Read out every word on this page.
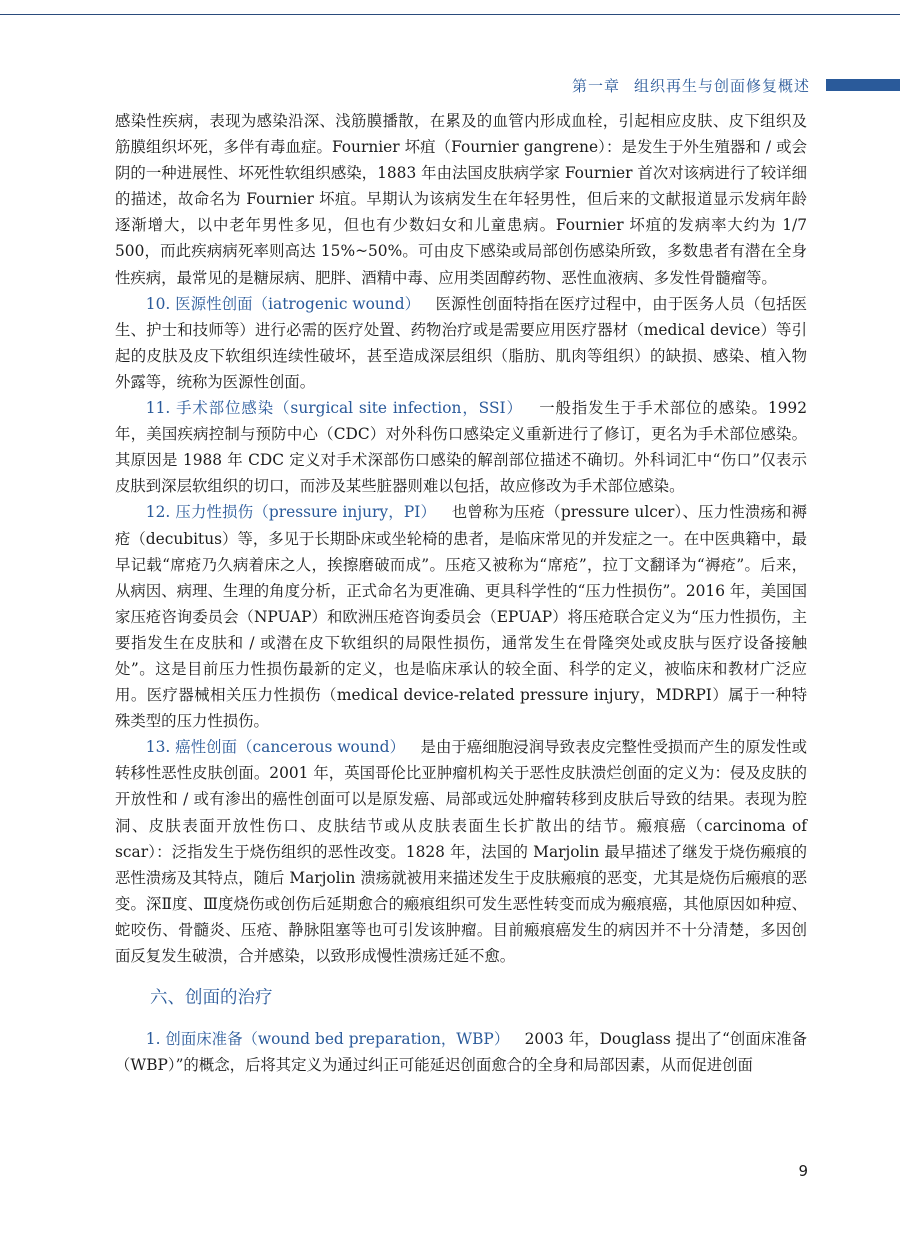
第一章 组织再生与创面修复概述

感染性疾病，表现为感染沿深、浅筋膜播散，在累及的血管内形成血栓，引起相应皮肤、皮下组织及筋膜组织坏死，多伴有毒血症。Fournier 坏疽（Fournier gangrene）：是发生于外生殖器和 / 或会阴的一种进展性、坏死性软组织感染，1883 年由法国皮肤病学家 Fournier 首次对该病进行了较详细的描述，故命名为 Fournier 坏疽。早期认为该病发生在年轻男性，但后来的文献报道显示发病年龄逐渐增大，以中老年男性多见，但也有少数妇女和儿童患病。Fournier 坏疽的发病率大约为 1/7 500，而此疾病病死率则高达 15%~50%。可由皮下感染或局部创伤感染所致，多数患者有潜在全身性疾病，最常见的是糖尿病、肥胖、酒精中毒、应用类固醇药物、恶性血液病、多发性骨髓瘤等。

10. 医源性创面（iatrogenic wound）  医源性创面特指在医疗过程中，由于医务人员（包括医生、护士和技师等）进行必需的医疗处置、药物治疗或是需要应用医疗器材（medical device）等引起的皮肤及皮下软组织连续性破坏，甚至造成深层组织（脂肪、肌肉等组织）的缺损、感染、植入物外露等，统称为医源性创面。

11. 手术部位感染（surgical site infection，SSI）  一般指发生于手术部位的感染。1992 年，美国疾病控制与预防中心（CDC）对外科伤口感染定义重新进行了修订，更名为手术部位感染。其原因是 1988 年 CDC 定义对手术深部伤口感染的解剖部位描述不确切。外科词汇中“伤口”仅表示皮肤到深层软组织的切口，而涉及某些脏器则难以包括，故应修改为手术部位感染。

12. 压力性损伤（pressure injury，PI）  也曾称为压疮（pressure ulcer）、压力性溃疡和褥疮（decubitus）等，多见于长期卧床或坐轮椅的患者，是临床常见的并发症之一。在中医典籍中，最早记载“席疮乃久病着床之人，挨擦磨破而成”。压疮又被称为“席疮”，拉丁文翻译为“褥疮”。后来，从病因、病理、生理的角度分析，正式命名为更准确、更具科学性的“压力性损伤”。2016 年，美国国家压疮咨询委员会（NPUAP）和欧洲压疮咨询委员会（EPUAP）将压疮联合定义为“压力性损伤，主要指发生在皮肤和 / 或潜在皮下软组织的局限性损伤，通常发生在骨隆突处或皮肤与医疗设备接触处”。这是目前压力性损伤最新的定义，也是临床承认的较全面、科学的定义，被临床和教材广泛应用。医疗器械相关压力性损伤（medical device-related pressure injury，MDRPI）属于一种特殊类型的压力性损伤。

13. 癌性创面（cancerous wound）  是由于癌细胞浸润导致表皮完整性受损而产生的原发性或转移性恶性皮肤创面。2001 年，英国哥伦比亚肿瘤机构关于恶性皮肤溃烂创面的定义为：侵及皮肤的开放性和 / 或有渗出的癌性创面可以是原发癌、局部或远处肿瘤转移到皮肤后导致的结果。表现为腔洞、皮肤表面开放性伤口、皮肤结节或从皮肤表面生长扩散出的结节。瘢痕癌（carcinoma of scar）：泛指发生于烧伤组织的恶性改变。1828 年，法国的 Marjolin 最早描述了继发于烧伤瘢痕的恶性溃疡及其特点，随后 Marjolin 溃疡就被用来描述发生于皮肤瘢痕的恶变，尤其是烧伤后瘢痕的恶变。深Ⅱ度、Ⅲ度烧伤或创伤后延期愈合的瘢痕组织可发生恶性转变而成为瘢痕癌，其他原因如种痘、蛇咬伤、骨髓炎、压疮、静脉阻塞等也可引发该肿瘤。目前瘢痕癌发生的病因并不十分清楚，多因创面反复发生破溃，合并感染，以致形成慢性溃疡迁延不愈。

六、创面的治疗

1. 创面床准备（wound bed preparation，WBP）  2003 年，Douglass 提出了“创面床准备（WBP）”的概念，后将其定义为通过纠正可能延迟创面愈合的全身和局部因素，从而促进创面

9
